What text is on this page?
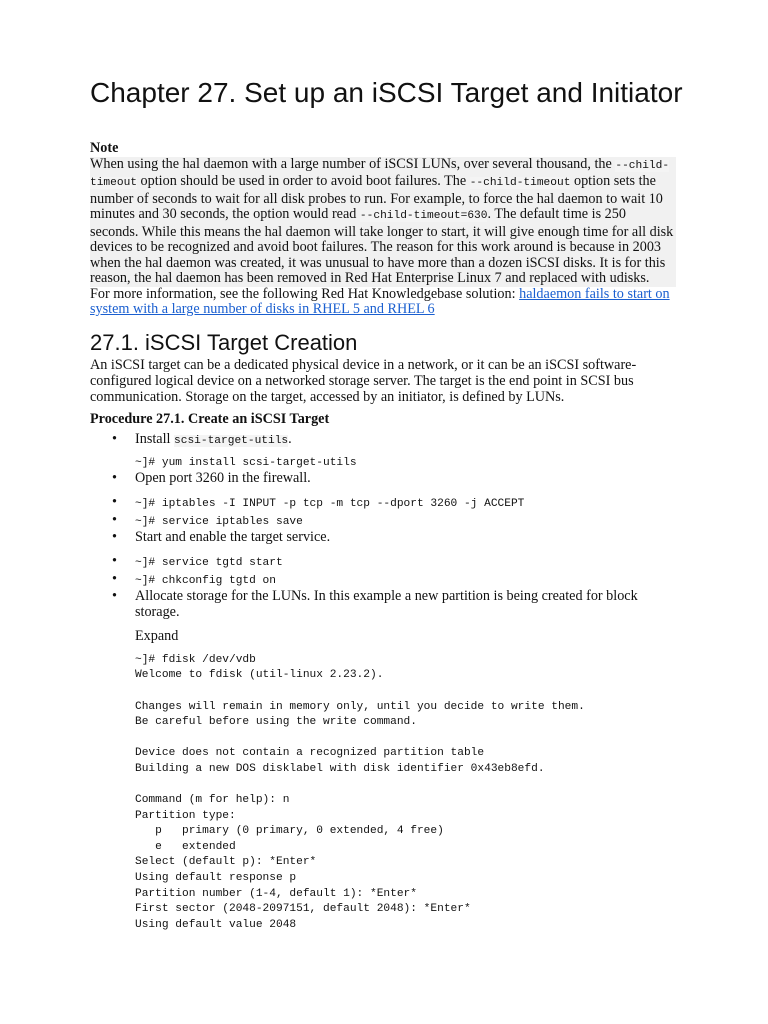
Chapter 27. Set up an iSCSI Target and Initiator

Note

When using the hal daemon with a large number of iSCSI LUNs, over several thousand, the --child-timeout option should be used in order to avoid boot failures. The --child-timeout option sets the number of seconds to wait for all disk probes to run. For example, to force the hal daemon to wait 10 minutes and 30 seconds, the option would read --child-timeout=630. The default time is 250 seconds. While this means the hal daemon will take longer to start, it will give enough time for all disk devices to be recognized and avoid boot failures. The reason for this work around is because in 2003 when the hal daemon was created, it was unusual to have more than a dozen iSCSI disks. It is for this reason, the hal daemon has been removed in Red Hat Enterprise Linux 7 and replaced with udisks.

For more information, see the following Red Hat Knowledgebase solution: haldaemon fails to start on system with a large number of disks in RHEL 5 and RHEL 6

27.1. iSCSI Target Creation

An iSCSI target can be a dedicated physical device in a network, or it can be an iSCSI software-configured logical device on a networked storage server. The target is the end point in SCSI bus communication. Storage on the target, accessed by an initiator, is defined by LUNs.

Procedure 27.1. Create an iSCSI Target

• Install scsi-target-utils.
~]# yum install scsi-target-utils
• Open port 3260 in the firewall.
• ~]# iptables -I INPUT -p tcp -m tcp --dport 3260 -j ACCEPT
• ~]# service iptables save
• Start and enable the target service.
• ~]# service tgtd start
• ~]# chkconfig tgtd on
• Allocate storage for the LUNs. In this example a new partition is being created for block storage.
Expand
~]# fdisk /dev/vdb
Welcome to fdisk (util-linux 2.23.2).

Changes will remain in memory only, until you decide to write them.
Be careful before using the write command.

Device does not contain a recognized partition table
Building a new DOS disklabel with disk identifier 0x43eb8efd.

Command (m for help): n
Partition type:
p   primary (0 primary, 0 extended, 4 free)
e   extended
Select (default p): *Enter*
Using default response p
Partition number (1-4, default 1): *Enter*
First sector (2048-2097151, default 2048): *Enter*
Using default value 2048
